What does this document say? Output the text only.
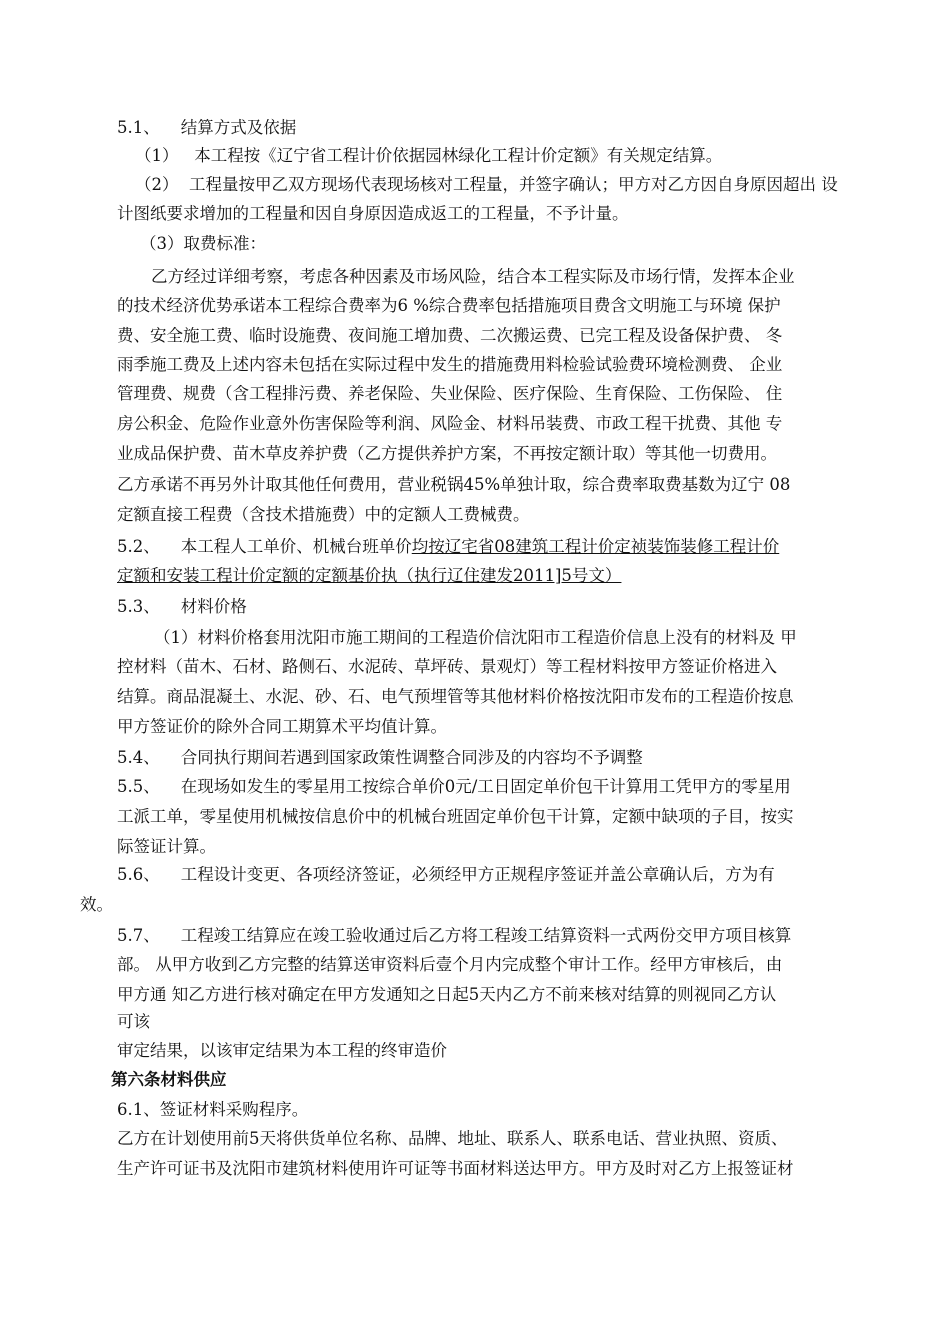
5.1、    结算方式及依据
（1）   本工程按《辽宁省工程计价依据园林绿化工程计价定额》有关规定结算。
（2）  工程量按甲乙双方现场代表现场核对工程量，并签字确认；甲方对乙方因自身原因超出 设
计图纸要求增加的工程量和因自身原因造成返工的工程量，不予计量。
（3）取费标准：
乙方经过详细考察，考虑各种因素及市场风险，结合本工程实际及市场行情，发挥本企业
的技术经济优势承诺本工程综合费率为6 %综合费率包括措施项目费含文明施工与环境 保护
费、安全施工费、临时设施费、夜间施工增加费、二次搬运费、已完工程及设备保护费、 冬
雨季施工费及上述内容未包括在实际过程中发生的措施费用料检验试验费环境检测费、 企业
管理费、规费（含工程排污费、养老保险、失业保险、医疗保险、生育保险、工伤保险、 住
房公积金、危险作业意外伤害保险等利润、风险金、材料吊装费、市政工程干扰费、其他 专
业成品保护费、苗木草皮养护费（乙方提供养护方案，不再按定额计取）等其他一切费用。
乙方承诺不再另外计取其他任何费用，营业税锅45%单独计取，综合费率取费基数为辽宁 08
定额直接工程费（含技术措施费）中的定额人工费械费。
5.2、    本工程人工单价、机械台班单价均按辽宅省08建筑工程计价定祯装饰装修工程计价
定额和安装工程计价定额的定额基价执（执行辽住建发2011]5号文）
5.3、    材料价格
（1）材料价格套用沈阳市施工期间的工程造价信沈阳市工程造价信息上没有的材料及 甲
控材料（苗木、石材、路侧石、水泥砖、草坪砖、景观灯）等工程材料按甲方签证价格进入
结算。商品混凝土、水泥、砂、石、电气预埋管等其他材料价格按沈阳市发布的工程造价按息
甲方签证价的除外合同工期算术平均值计算。
5.4、    合同执行期间若遇到国家政策性调整合同涉及的内容均不予调整
5.5、    在现场如发生的零星用工按综合单价0元/工日固定单价包干计算用工凭甲方的零星用
工派工单，零星使用机械按信息价中的机械台班固定单价包干计算，定额中缺项的子目，按实
际签证计算。
5.6、    工程设计变更、各项经济签证，必须经甲方正规程序签证并盖公章确认后，方为有
效。
5.7、    工程竣工结算应在竣工验收通过后乙方将工程竣工结算资料一式两份交甲方项目核算
部。 从甲方收到乙方完整的结算送审资料后壹个月内完成整个审计工作。经甲方审核后，由
甲方通 知乙方进行核对确定在甲方发通知之日起5天内乙方不前来核对结算的则视同乙方认
可该
审定结果，以该审定结果为本工程的终审造价
第六条材料供应
6.1、签证材料采购程序。
乙方在计划使用前5天将供货单位名称、品牌、地址、联系人、联系电话、营业执照、资质、
生产许可证书及沈阳市建筑材料使用许可证等书面材料送达甲方。甲方及时对乙方上报签证材
